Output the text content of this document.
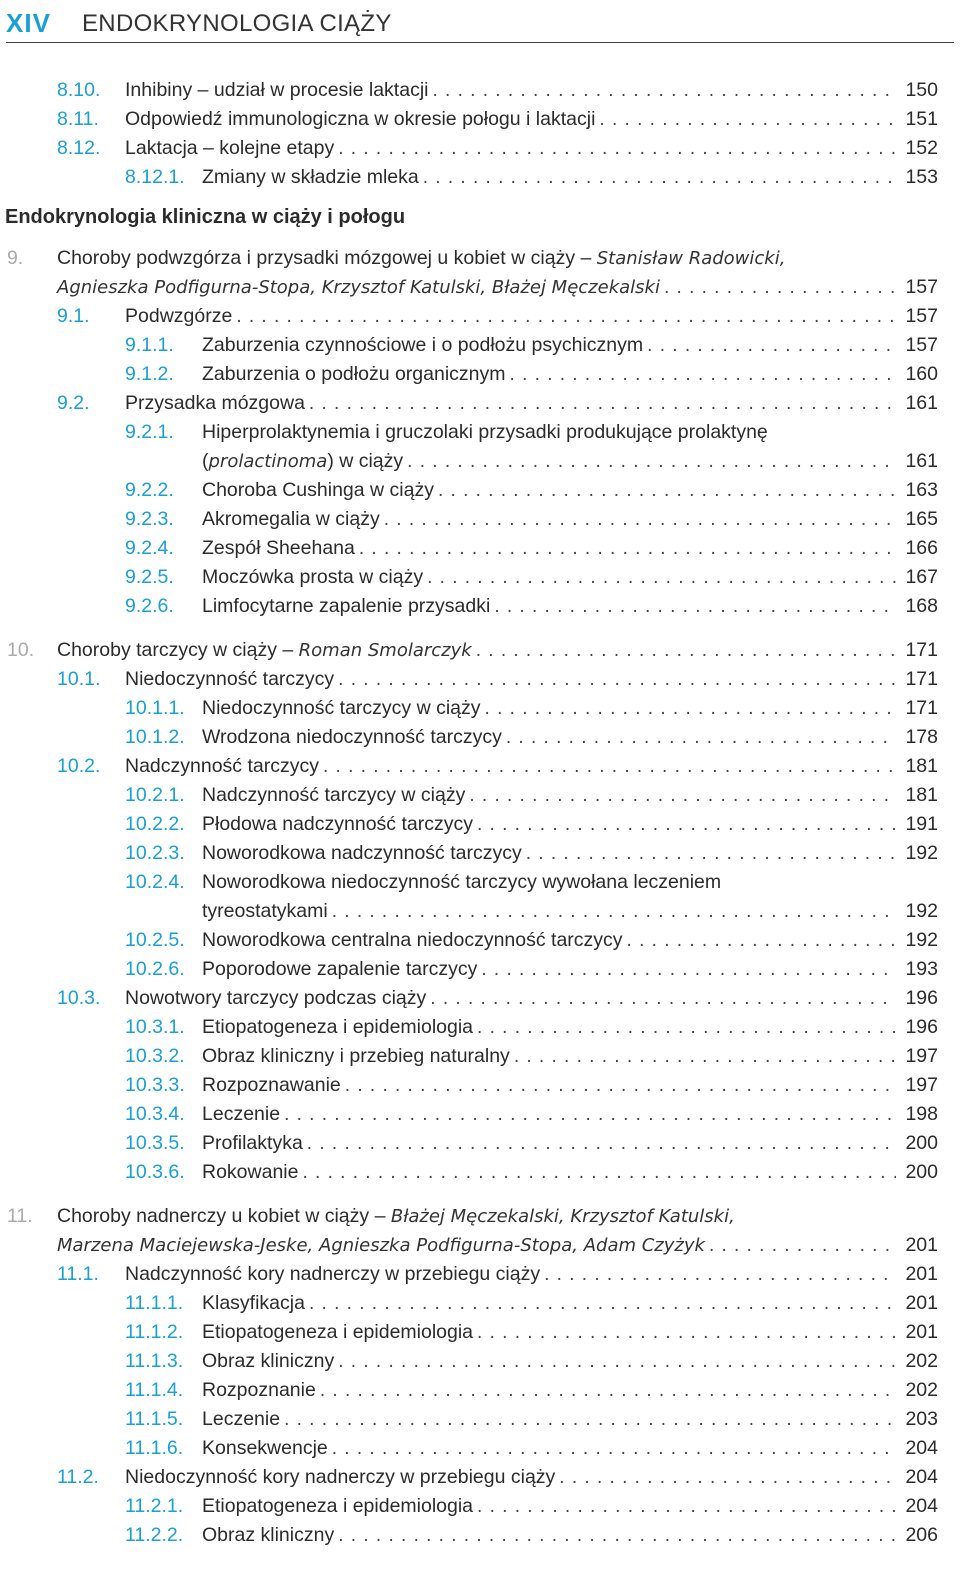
XIV ENDOKRYNOLOGIA CIĄŻY
8.10. Inhibiny – udział w procesie laktacji . . .	150
8.11. Odpowiedź immunologiczna w okresie połogu i laktacji . . .	151
8.12. Laktacja – kolejne etapy . . .	152
8.12.1. Zmiany w składzie mleka . . .	153
Endokrynologia kliniczna w ciąży i połogu
9. Choroby podwzgórza i przysadki mózgowej u kobiet w ciąży – Stanisław Radowicki,
Agnieszka Podfigurna-Stopa, Krzysztof Katulski, Błażej Męczekalski . . .	157
9.1. Podwzgórze . . .	157
9.1.1. Zaburzenia czynnościowe i o podłożu psychicznym . . .	157
9.1.2. Zaburzenia o podłożu organicznym . . .	160
9.2. Przysadka mózgowa . . .	161
9.2.1. Hiperprolaktynemia i gruczolaki przysadki produkujące prolaktynę
(prolactinoma) w ciąży . . .	161
9.2.2. Choroba Cushinga w ciąży . . .	163
9.2.3. Akromegalia w ciąży . . .	165
9.2.4. Zespół Sheehana . . .	166
9.2.5. Moczówka prosta w ciąży . . .	167
9.2.6. Limfocytarne zapalenie przysadki . . .	168
10. Choroby tarczycy w ciąży – Roman Smolarczyk . . .	171
10.1. Niedoczynność tarczycy . . .	171
10.1.1. Niedoczynność tarczycy w ciąży . . .	171
10.1.2. Wrodzona niedoczynność tarczycy . . .	178
10.2. Nadczynność tarczycy . . .	181
10.2.1. Nadczynność tarczycy w ciąży . . .	181
10.2.2. Płodowa nadczynność tarczycy . . .	191
10.2.3. Noworodkowa nadczynność tarczycy . . .	192
10.2.4. Noworodkowa niedoczynność tarczycy wywołana leczeniem
tyreostatykami . . .	192
10.2.5. Noworodkowa centralna niedoczynność tarczycy . . .	192
10.2.6. Poporodowe zapalenie tarczycy . . .	193
10.3. Nowotwory tarczycy podczas ciąży . . .	196
10.3.1. Etiopatogeneza i epidemiologia . . .	196
10.3.2. Obraz kliniczny i przebieg naturalny . . .	197
10.3.3. Rozpoznawanie . . .	197
10.3.4. Leczenie . . .	198
10.3.5. Profilaktyka . . .	200
10.3.6. Rokowanie . . .	200
11. Choroby nadnerczy u kobiet w ciąży – Błażej Męczekalski, Krzysztof Katulski,
Marzena Maciejewska-Jeske, Agnieszka Podfigurna-Stopa, Adam Czyżyk . . .	201
11.1. Nadczynność kory nadnerczy w przebiegu ciąży . . .	201
11.1.1. Klasyfikacja . . .	201
11.1.2. Etiopatogeneza i epidemiologia . . .	201
11.1.3. Obraz kliniczny . . .	202
11.1.4. Rozpoznanie . . .	202
11.1.5. Leczenie . . .	203
11.1.6. Konsekwencje . . .	204
11.2. Niedoczynność kory nadnerczy w przebiegu ciąży . . .	204
11.2.1. Etiopatogeneza i epidemiologia . . .	204
11.2.2. Obraz kliniczny . . .	206
